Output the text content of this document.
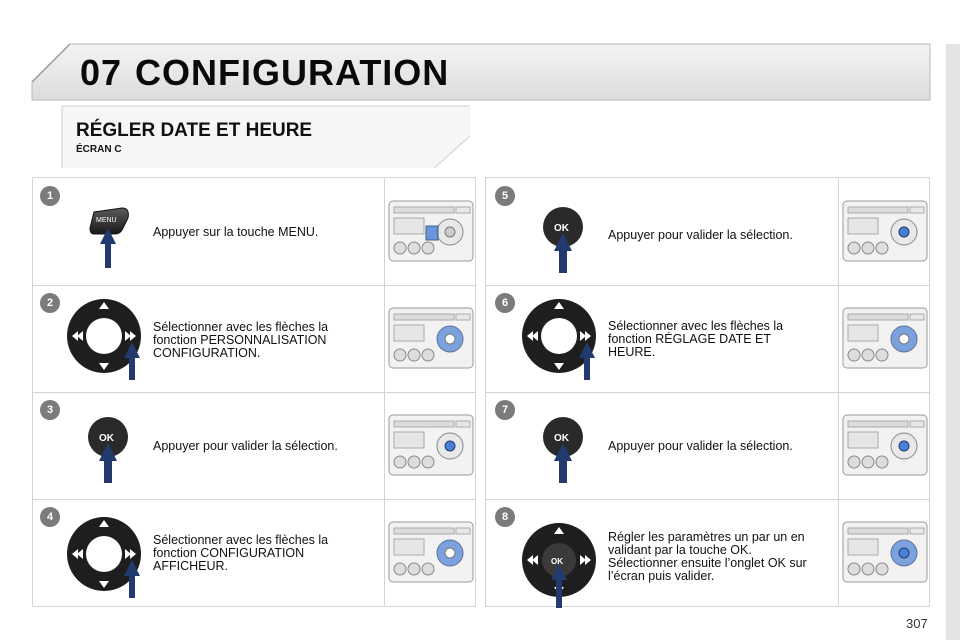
07 CONFIGURATION
RÉGLER DATE ET HEURE
ÉCRAN C
1
2
3
4
5
6
7
8
Appuyer sur la touche MENU.
Sélectionner avec les flèches la fonction PERSONNALISATION CONFIGURATION.
Appuyer pour valider la sélection.
Sélectionner avec les flèches la fonction CONFIGURATION AFFICHEUR.
Appuyer pour valider la sélection.
Sélectionner avec les flèches la fonction RÉGLAGE DATE ET HEURE.
Appuyer pour valider la sélection.
Régler les paramètres un par un en validant par la touche OK. Sélectionner ensuite l’onglet OK sur l’écran puis valider.
MENU
OK
OK
OK
OK
307
